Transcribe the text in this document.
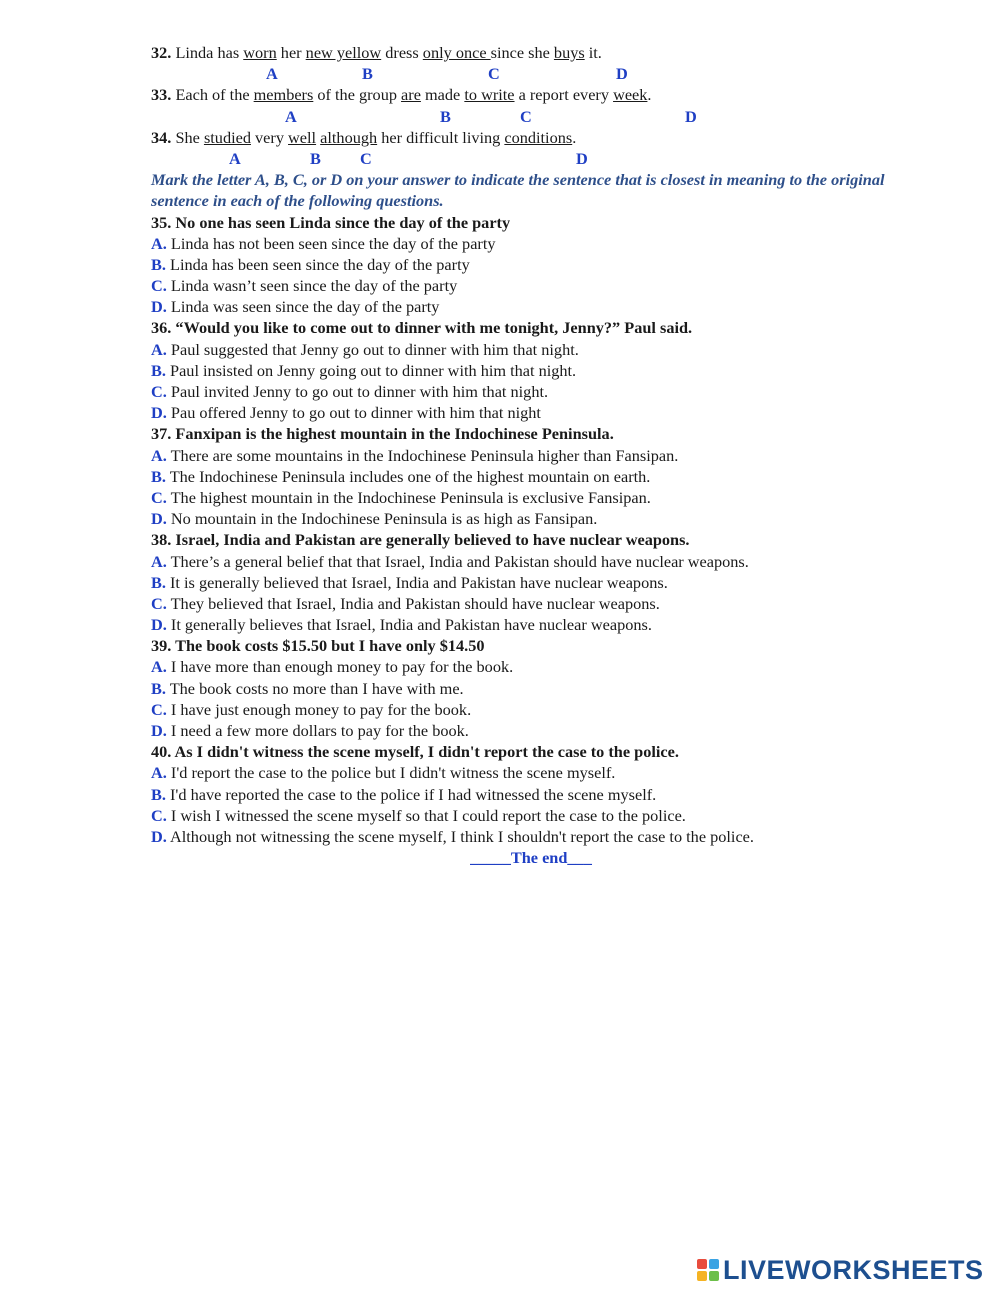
32. Linda has worn her new yellow dress only once since she buys it.
A	B	C	D
33. Each of the members of the group are made to write a report every week.
A	B	C	D
34. She studied very well although her difficult living conditions.
A	B C	D
Mark the letter A, B, C, or D on your answer to indicate the sentence that is closest in meaning to the original sentence in each of the following questions.
35. No one has seen Linda since the day of the party
A. Linda has not been seen since the day of the party
B. Linda has been seen since the day of the party
C. Linda wasn’t seen since the day of the party
D. Linda was seen since the day of the party
36. “Would you like to come out to dinner with me tonight, Jenny?” Paul said.
A. Paul suggested that Jenny go out to dinner with him that night.
B. Paul insisted on Jenny going out to dinner with him that night.
C. Paul invited Jenny to go out to dinner with him that night.
D. Pau offered Jenny to go out to dinner with him that night
37. Fanxipan is the highest mountain in the Indochinese Peninsula.
A. There are some mountains in the Indochinese Peninsula higher than Fansipan.
B. The Indochinese Peninsula includes one of the highest mountain on earth.
C. The highest mountain in the Indochinese Peninsula is exclusive Fansipan.
D. No mountain in the Indochinese Peninsula is as high as Fansipan.
38. Israel, India and Pakistan are generally believed to have nuclear weapons.
A. There’s a general belief that that Israel, India and Pakistan should have nuclear weapons.
B. It is generally believed that Israel, India and Pakistan have nuclear weapons.
C. They believed that Israel, India and Pakistan should have nuclear weapons.
D. It generally believes that Israel, India and Pakistan have nuclear weapons.
39. The book costs $15.50 but I have only $14.50
A. I have more than enough money to pay for the book.
B. The book costs no more than I have with me.
C. I have just enough money to pay for the book.
D. I need a few more dollars to pay for the book.
40. As I didn't witness the scene myself, I didn't report the case to the police.
A. I'd report the case to the police but I didn't witness the scene myself.
B. I'd have reported the case to the police if I had witnessed the scene myself.
C. I wish I witnessed the scene myself so that I could report the case to the police.
D. Although not witnessing the scene myself, I think I shouldn't report the case to the police.
_____The end___
LIVEWORKSHEETS
